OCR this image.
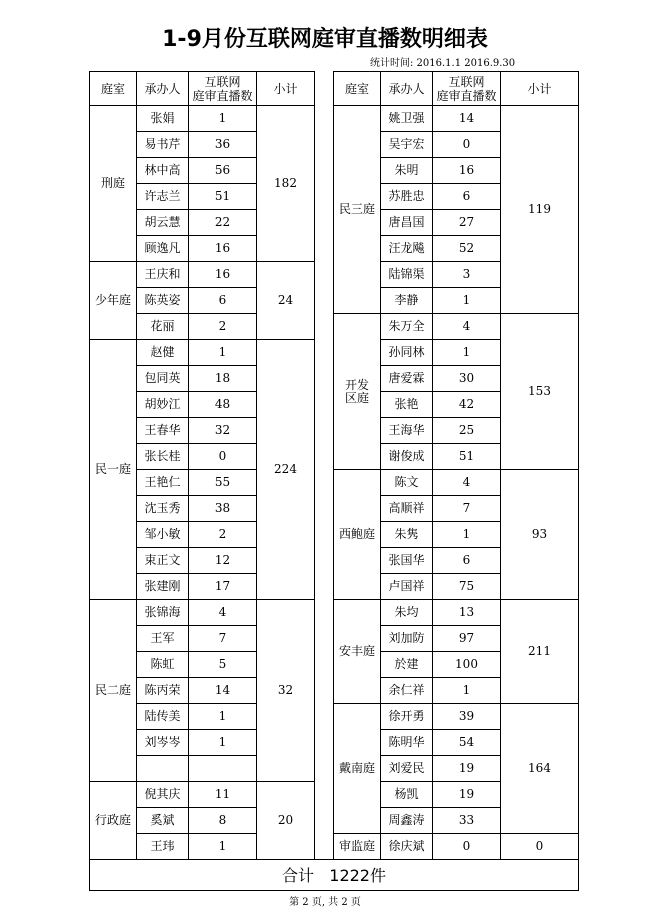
1-9月份互联网庭审直播数明细表
统计时间: 2016.1.1 2016.9.30
庭室	承办人	互联网
庭审直播数	小计		庭室	承办人	互联网
庭审直播数	小计
刑庭	张娟	1	182		民三庭	姚卫强	14	119
	易书芹	36				吴宇宏	0	
	林中高	56				朱明	16	
	许志兰	51				苏胜忠	6	
	胡云慧	22				唐昌国	27	
	顾逸凡	16				汪龙飚	52	
少年庭	王庆和	16	24			陆锦渠	3	
	陈英姿	6				李静	1	
	花丽	2			开发区庭	朱万全	4	153
民一庭	赵健	1	224			孙同林	1	
	包同英	18				唐爱霖	30	
	胡妙江	48				张艳	42	
	王春华	32				王海华	25	
	张长桂	0				谢俊成	51	
	王艳仁	55			西鲍庭	陈文	4	93
	沈玉秀	38				高顺祥	7	
	邹小敏	2				朱隽	1	
	束正文	12				张国华	6	
	张建刚	17				卢国祥	75	
民二庭	张锦海	4	32		安丰庭	朱均	13	211
	王军	7				刘加防	97	
	陈虹	5				於建	100	
	陈丙荣	14				余仁祥	1	
	陆传美	1			戴南庭	徐开勇	39	164
	刘岑岑	1				陈明华	54	
						刘爱民	19	
行政庭	倪其庆	11	20			杨凯	19	
	奚斌	8				周鑫涛	33	
	王玮	1			审监庭	徐庆斌	0	0
合计 1222件								
第 2 页, 共 2 页
